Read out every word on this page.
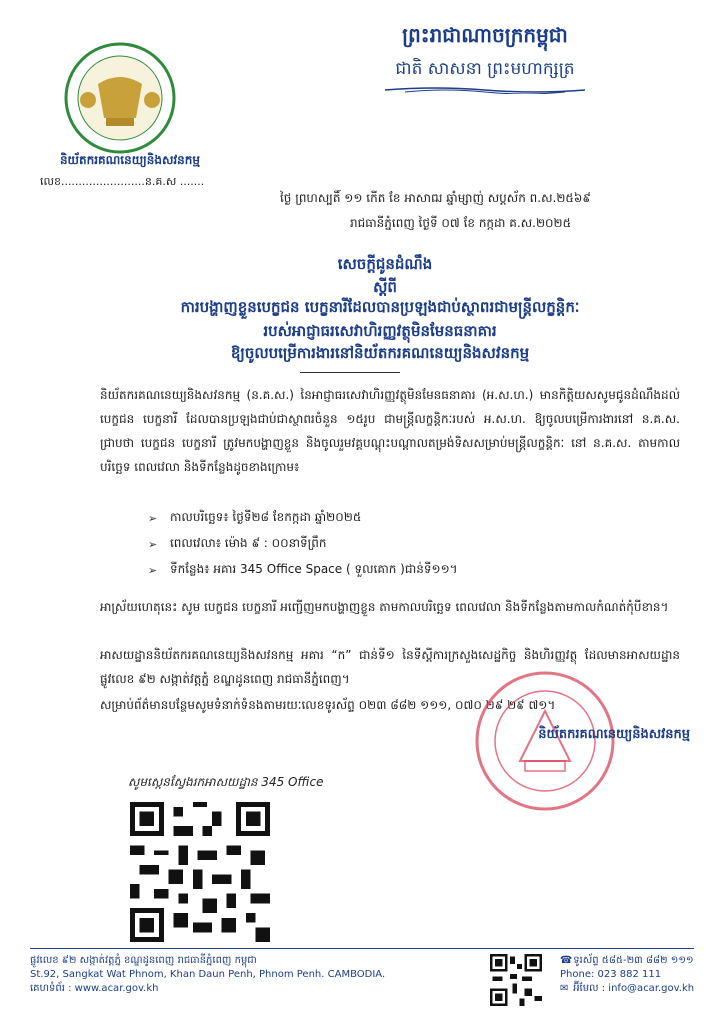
ព្រះរាជាណាចក្រកម្ពុជា
ជាតិ សាសនា ព្រះមហាក្សត្រ
និយ័តករគណនេយ្យនិងសវនកម្ម
លេខ........................ន.គ.ស .......
ថ្ងៃ ព្រហស្បតិ៍ ១១ កើត ខែ អាសាឍ ឆ្នាំម្សាញ់ សប្តស័ក ព.ស.២៥៦៩
រាជធានីភ្នំពេញ ថ្ងៃទី ០៧ ខែ កក្កដា គ.ស.២០២៥
សេចក្តីជូនដំណឹង
ស្តីពី
ការបង្ហាញខ្លួនបេក្ខជន បេក្ខនារីដែលបានប្រឡងជាប់ស្ថាពរជាមន្ត្រីលក្ខន្តិកៈ
របស់អាជ្ញាធរសេវាហិរញ្ញវត្ថុមិនមែនធនាគារ
ឱ្យចូលបម្រើការងារនៅនិយ័តករគណនេយ្យនិងសវនកម្ម
និយ័តករគណនេយ្យនិងសវនកម្ម (ន.គ.ស.) នៃអាជ្ញាធរសេវាហិរញ្ញវត្ថុមិនមែនធនាគារ (អ.ស.ហ.) មានកិត្តិយសសូមជូនដំណឹងដល់ បេក្ខជន បេក្ខនារី ដែលបានប្រឡងជាប់ជាស្ថាពរចំនួន ១៥រូប ជាមន្ត្រីលក្ខន្តិកៈរបស់ អ.ស.ហ. ឱ្យចូលបម្រើការងារនៅ ន.គ.ស. ជ្រាបថា បេក្ខជន បេក្ខនារី ត្រូវមកបង្ហាញខ្លួន និងចូលរួមវគ្គបណ្តុះបណ្តាលតម្រង់ទិសសម្រាប់មន្ត្រីលក្ខន្តិកៈ នៅ ន.គ.ស. តាមកាលបរិច្ឆេទ ពេលវេលា និងទីកន្លែងដូចខាងក្រោម៖
➢	កាលបរិច្ឆេទ៖ ថ្ងៃទី២៨ ខែកក្កដា ឆ្នាំ២០២៥
➢	ពេលវេលា៖ ម៉ោង ៩ : ០០នាទីព្រឹក
➢	ទីកន្លែង៖ អគារ 345 Office Space ( ទួលគោក )ជាន់ទី១១។
អាស្រ័យហេតុនេះ សូម បេក្ខជន បេក្ខនារី អញ្ជើញមកបង្ហាញខ្លួន តាមកាលបរិច្ឆេទ ពេលវេលា និងទីកន្លែងតាមកាលកំណត់កុំបីខាន។
អាសយដ្ឋាននិយ័តករគណនេយ្យនិងសវនកម្ម អគារ “ក” ជាន់ទី១ នៃទីស្តីការក្រសួងសេដ្ឋកិច្ច និងហិរញ្ញវត្ថុ ដែលមានអាសយដ្ឋានផ្លូវលេខ ៩២ សង្កាត់វត្តភ្នំ ខណ្ឌដូនពេញ រាជធានីភ្នំពេញ។
សម្រាប់ព័ត៌មានបន្ថែមសូមទំនាក់ទំនងតាមរយៈលេខទូរស័ព្ទ ០២៣ ៨៨២ ១១១, ០៧០ ២៩ ២៩ ៧១។
និយ័តករគណនេយ្យនិងសវនកម្ម
សូមស្កេនស្វែងរកអាសយដ្ឋាន 345 Office
ផ្លូវលេខ ៩២ សង្កាត់វត្តភ្នំ ខណ្ឌដូនពេញ រាជធានីភ្នំពេញ កម្ពុជា
St.92, Sangkat Wat Phnom, Khan Daun Penh, Phnom Penh. CAMBODIA.
គេហទំព័រ : www.acar.gov.kh
☎ ទូរស័ព្ទ ៥៨៥-២៣ ៨៨២ ១១១
Phone: 023 882 111
✉ អ៊ីមែល : info@acar.gov.kh
